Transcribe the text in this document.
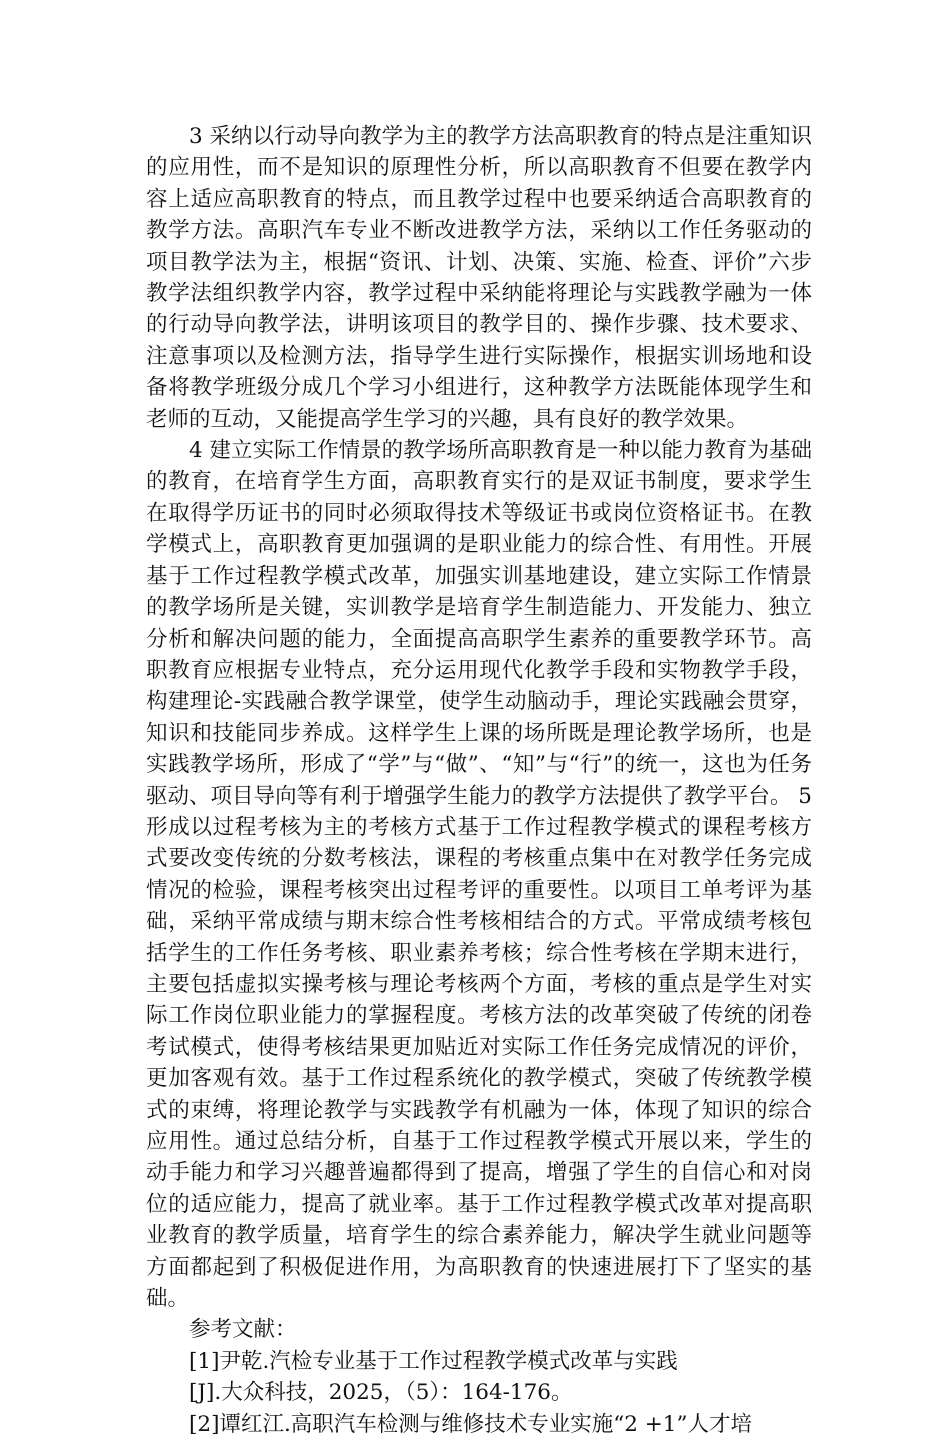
3 采纳以行动导向教学为主的教学方法高职教育的特点是注重知识的应用性，而不是知识的原理性分析，所以高职教育不但要在教学内容上适应高职教育的特点，而且教学过程中也要采纳适合高职教育的教学方法。高职汽车专业不断改进教学方法，采纳以工作任务驱动的项目教学法为主，根据“资讯、计划、决策、实施、检查、评价”六步教学法组织教学内容，教学过程中采纳能将理论与实践教学融为一体的行动导向教学法，讲明该项目的教学目的、操作步骤、技术要求、注意事项以及检测方法，指导学生进行实际操作，根据实训场地和设备将教学班级分成几个学习小组进行，这种教学方法既能体现学生和老师的互动，又能提高学生学习的兴趣，具有良好的教学效果。

4 建立实际工作情景的教学场所高职教育是一种以能力教育为基础的教育，在培育学生方面，高职教育实行的是双证书制度，要求学生在取得学历证书的同时必须取得技术等级证书或岗位资格证书。在教学模式上，高职教育更加强调的是职业能力的综合性、有用性。开展基于工作过程教学模式改革，加强实训基地建设，建立实际工作情景的教学场所是关键，实训教学是培育学生制造能力、开发能力、独立分析和解决问题的能力，全面提高高职学生素养的重要教学环节。高职教育应根据专业特点，充分运用现代化教学手段和实物教学手段，构建理论-实践融合教学课堂，使学生动脑动手，理论实践融会贯穿，知识和技能同步养成。这样学生上课的场所既是理论教学场所，也是实践教学场所，形成了“学”与“做”、“知”与“行”的统一，这也为任务驱动、项目导向等有利于增强学生能力的教学方法提供了教学平台。 5形成以过程考核为主的考核方式基于工作过程教学模式的课程考核方式要改变传统的分数考核法，课程的考核重点集中在对教学任务完成情况的检验，课程考核突出过程考评的重要性。以项目工单考评为基础，采纳平常成绩与期末综合性考核相结合的方式。平常成绩考核包括学生的工作任务考核、职业素养考核；综合性考核在学期末进行，主要包括虚拟实操考核与理论考核两个方面，考核的重点是学生对实际工作岗位职业能力的掌握程度。考核方法的改革突破了传统的闭卷考试模式，使得考核结果更加贴近对实际工作任务完成情况的评价，更加客观有效。基于工作过程系统化的教学模式，突破了传统教学模式的束缚，将理论教学与实践教学有机融为一体，体现了知识的综合应用性。通过总结分析，自基于工作过程教学模式开展以来，学生的动手能力和学习兴趣普遍都得到了提高，增强了学生的自信心和对岗位的适应能力，提高了就业率。基于工作过程教学模式改革对提高职业教育的教学质量，培育学生的综合素养能力，解决学生就业问题等方面都起到了积极促进作用，为高职教育的快速进展打下了坚实的基础。

参考文献：

[1]尹乾.汽检专业基于工作过程教学模式改革与实践

[J].大众科技，2025，（5）：164-176。

[2]谭红江.高职汽车检测与维修技术专业实施“2 +1”人才培
